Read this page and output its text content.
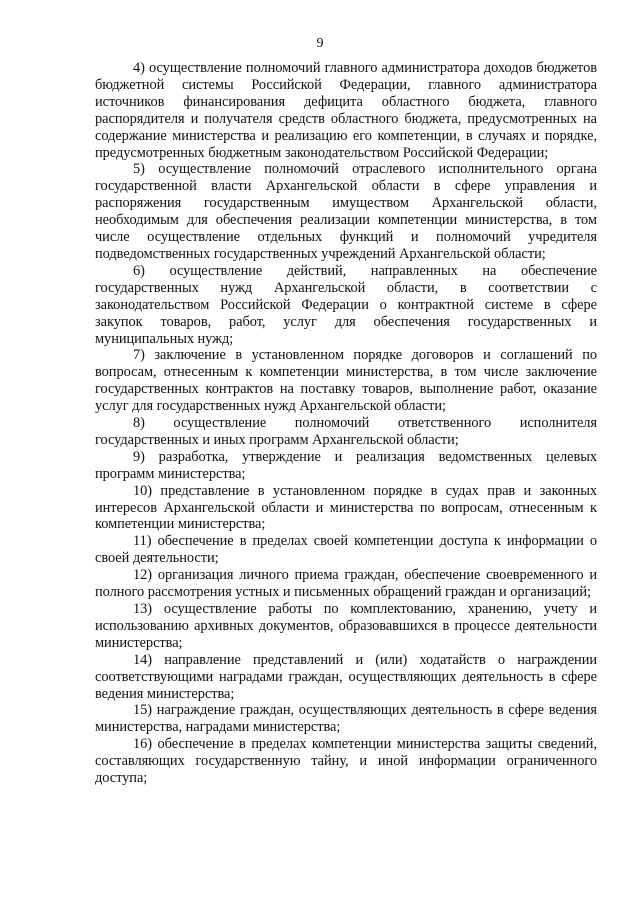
9

4) осуществление полномочий главного администратора доходов бюджетов бюджетной системы Российской Федерации, главного администратора источников финансирования дефицита областного бюджета, главного распорядителя и получателя средств областного бюджета, предусмотренных на содержание министерства и реализацию его компетенции, в случаях и порядке, предусмотренных бюджетным законодательством Российской Федерации;

5) осуществление полномочий отраслевого исполнительного органа государственной власти Архангельской области в сфере управления и распоряжения государственным имуществом Архангельской области, необходимым для обеспечения реализации компетенции министерства, в том числе осуществление отдельных функций и полномочий учредителя подведомственных государственных учреждений Архангельской области;

6) осуществление действий, направленных на обеспечение государственных нужд Архангельской области, в соответствии с законодательством Российской Федерации о контрактной системе в сфере закупок товаров, работ, услуг для обеспечения государственных и муниципальных нужд;

7) заключение в установленном порядке договоров и соглашений по вопросам, отнесенным к компетенции министерства, в том числе заключение государственных контрактов на поставку товаров, выполнение работ, оказание услуг для государственных нужд Архангельской области;

8) осуществление полномочий ответственного исполнителя государственных и иных программ Архангельской области;

9) разработка, утверждение и реализация ведомственных целевых программ министерства;

10) представление в установленном порядке в судах прав и законных интересов Архангельской области и министерства по вопросам, отнесенным к компетенции министерства;

11) обеспечение в пределах своей компетенции доступа к информации о своей деятельности;

12) организация личного приема граждан, обеспечение своевременного и полного рассмотрения устных и письменных обращений граждан и организаций;

13) осуществление работы по комплектованию, хранению, учету и использованию архивных документов, образовавшихся в процессе деятельности министерства;

14) направление представлений и (или) ходатайств о награждении соответствующими наградами граждан, осуществляющих деятельность в сфере ведения министерства;

15) награждение граждан, осуществляющих деятельность в сфере ведения министерства, наградами министерства;

16) обеспечение в пределах компетенции министерства защиты сведений, составляющих государственную тайну, и иной информации ограниченного доступа;
